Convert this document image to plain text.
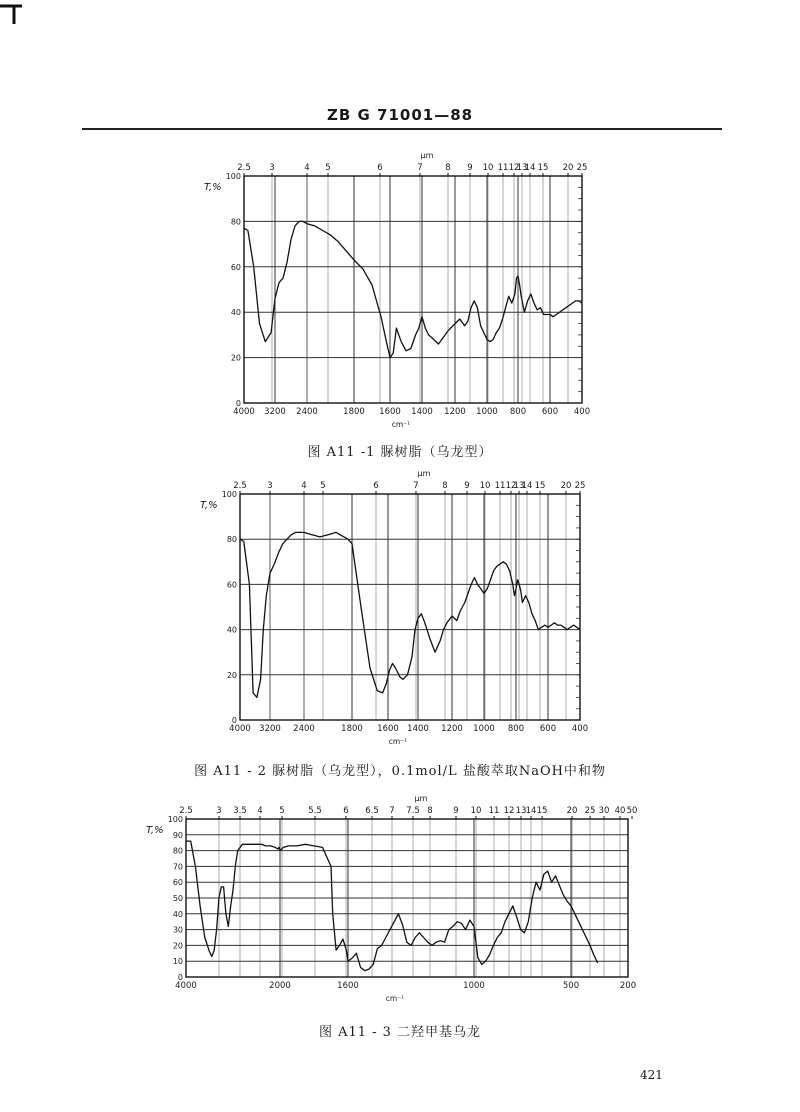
ZB G 71001—88
4000 3200 2400	1800 1600 1400 1200 1000 800 600 400
cm⁻¹
2.5 3	4 5	6	7	8 9 10 11 12
13
14 15 20 25
μm
0
20
40
60
80
100
T,%
4000 3200 2400	1800 1600 1400 1200 1000 800 600 400
cm⁻¹
2.5 3	4 5	6	7	8 9 10 11 12
13
14 15 20 25
μm
0
20
40
60
80
100
T,%
4000	2000	1600	1000	500	200
cm⁻¹
2.5	3 3.5 4 5	5.5	6 6.5 7 7.5 8 9 10 11 12 13 14 15 20 25 30 40 50
μm
0
10
20
30
40
50
60
70
80
90
100
T,%
图 A11 -1 脲树脂（乌龙型）
图 A11 - 2 脲树脂（乌龙型），0.1mol/L 盐酸萃取NaOH中和物
图 A11 - 3 二羟甲基乌龙
421
